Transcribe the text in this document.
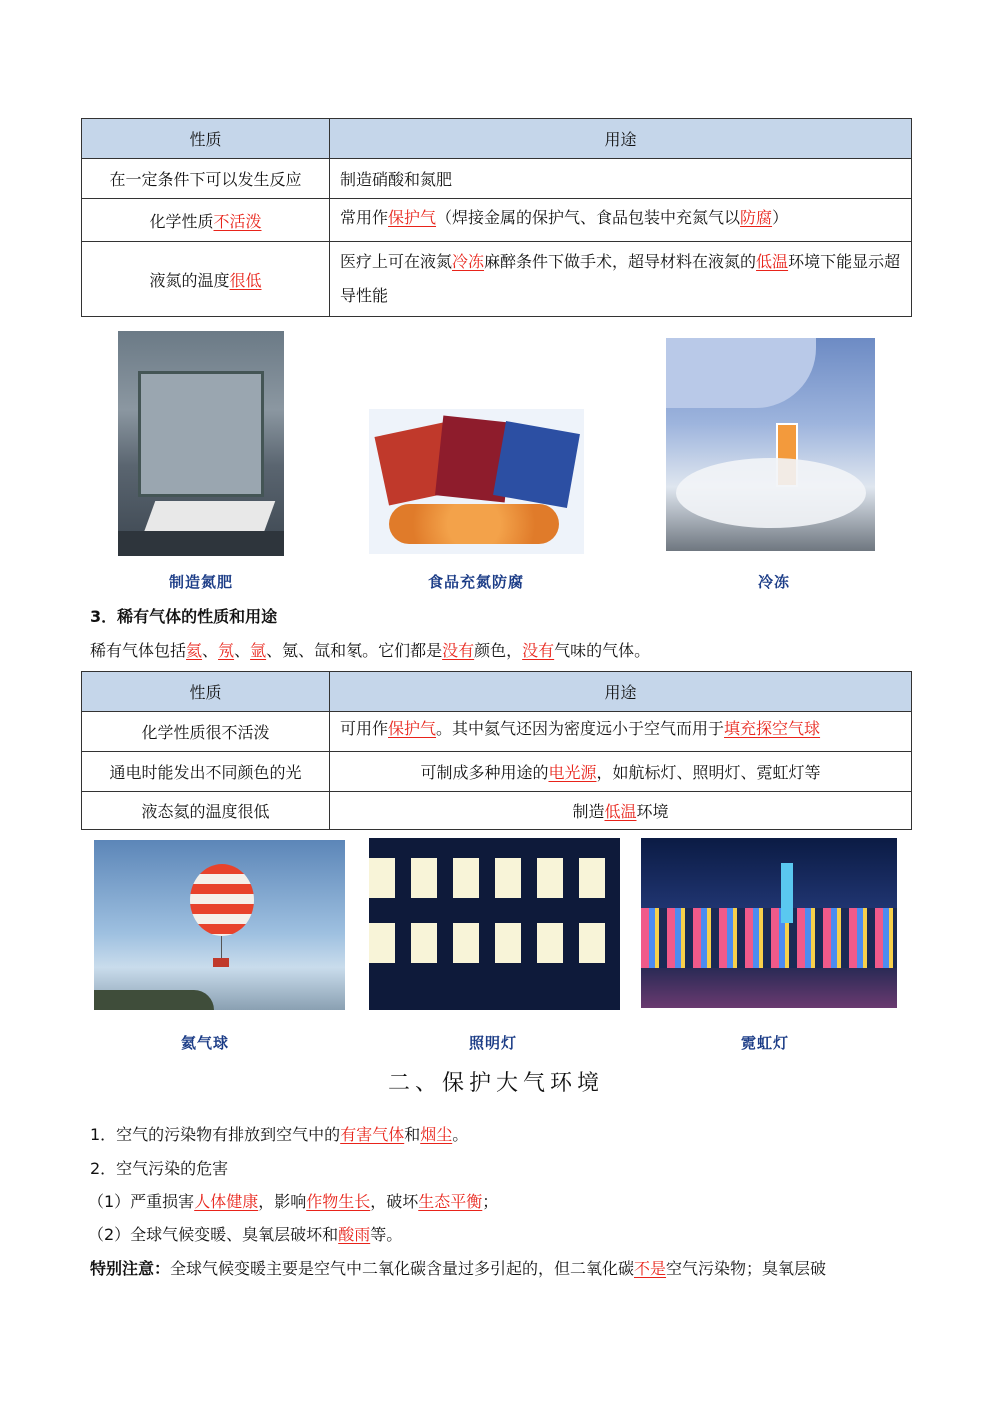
性质	用途
在一定条件下可以发生反应	制造硝酸和氮肥
化学性质不活泼	常用作保护气（焊接金属的保护气、食品包装中充氮气以防腐）
液氮的温度很低	医疗上可在液氮冷冻麻醉条件下做手术，超导材料在液氮的低温环境下能显示超导性能
制造氮肥	食品充氮防腐	冷冻
3．稀有气体的性质和用途
稀有气体包括氦、氖、氩、氪、氙和氡。它们都是没有颜色，没有气味的气体。
性质	用途
化学性质很不活泼	可用作保护气。其中氦气还因为密度远小于空气而用于填充探空气球
通电时能发出不同颜色的光	可制成多种用途的电光源，如航标灯、照明灯、霓虹灯等
液态氦的温度很低	制造低温环境
氦气球	照明灯	霓虹灯
二、保护大气环境
1．空气的污染物有排放到空气中的有害气体和烟尘。
2．空气污染的危害
（1）严重损害人体健康，影响作物生长，破坏生态平衡；
（2）全球气候变暖、臭氧层破坏和酸雨等。
特别注意：全球气候变暖主要是空气中二氧化碳含量过多引起的，但二氧化碳不是空气污染物；臭氧层破
